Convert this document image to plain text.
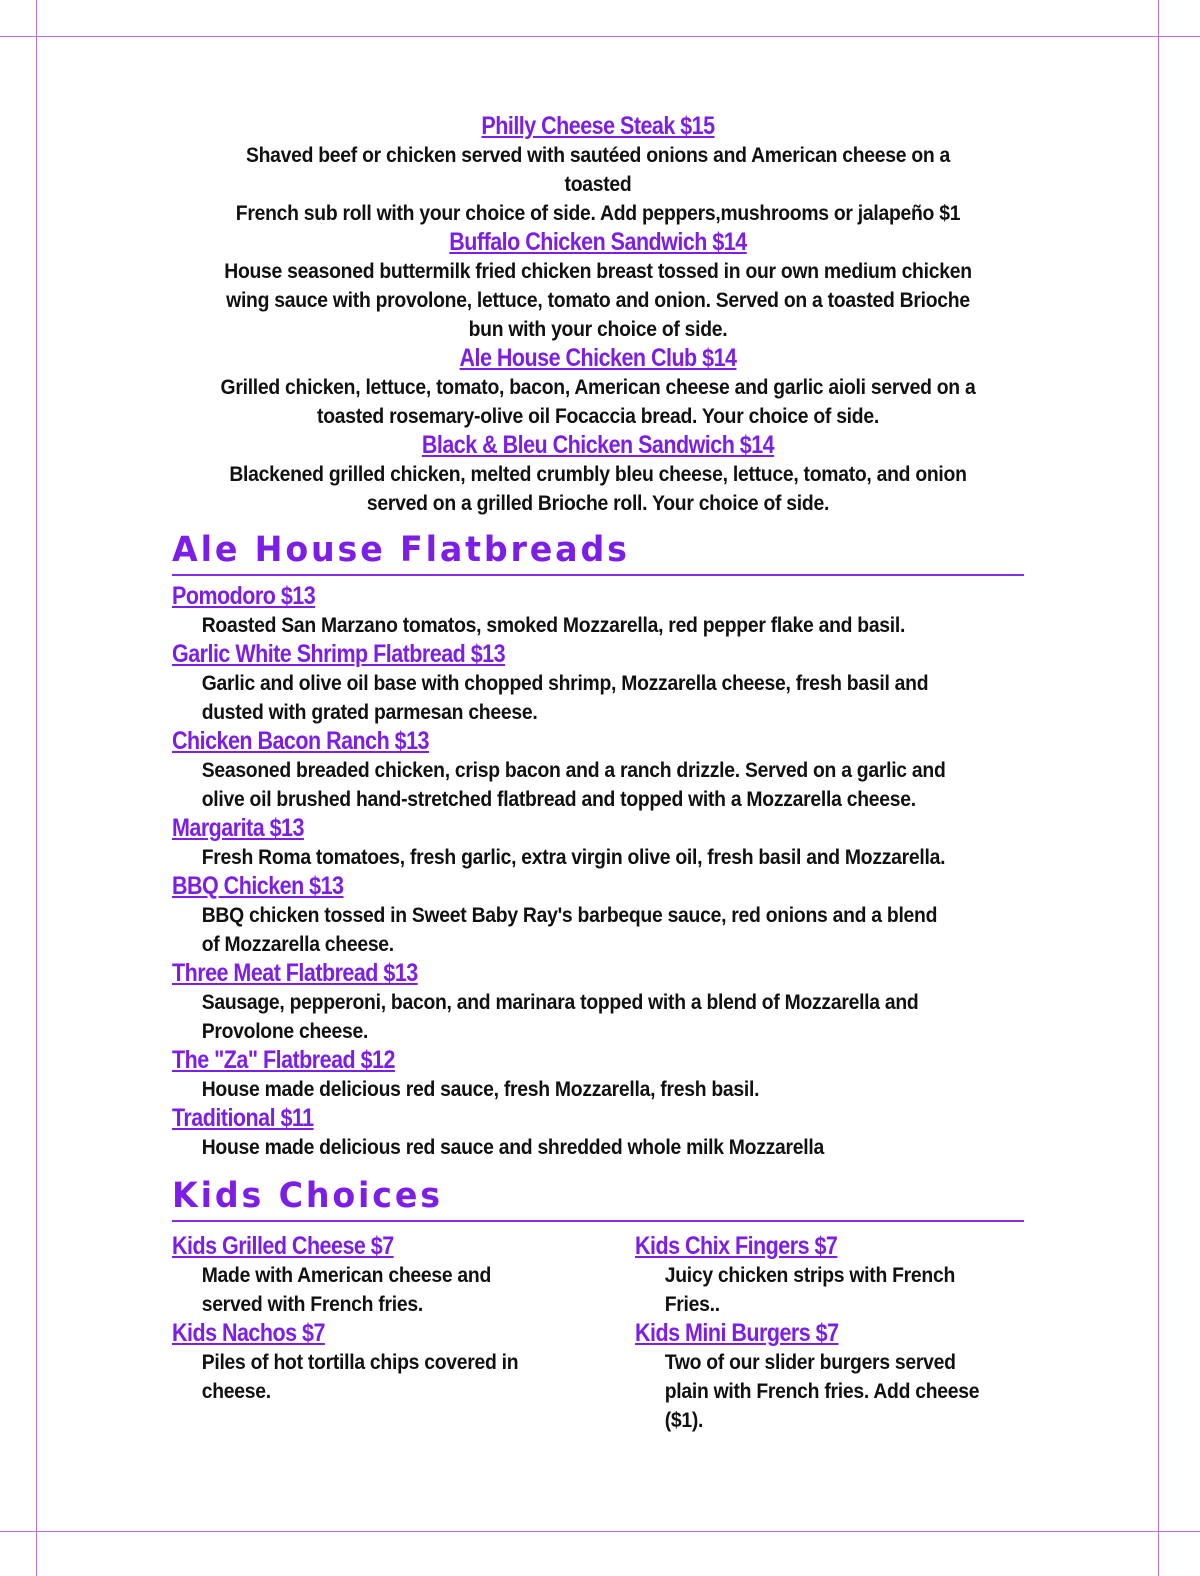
Philly Cheese Steak $15
Shaved beef or chicken served with sautéed onions and American cheese on a toasted
French sub roll with your choice of side. Add peppers,mushrooms or jalapeño $1
Buffalo Chicken Sandwich $14
House seasoned buttermilk fried chicken breast tossed in our own medium chicken
wing sauce with provolone, lettuce, tomato and onion. Served on a toasted Brioche
bun with your choice of side.
Ale House Chicken Club $14
Grilled chicken, lettuce, tomato, bacon, American cheese and garlic aioli served on a
toasted rosemary-olive oil Focaccia bread. Your choice of side.
Black & Bleu Chicken Sandwich $14
Blackened grilled chicken, melted crumbly bleu cheese, lettuce, tomato, and onion
served on a grilled Brioche roll. Your choice of side.
Ale House Flatbreads
Pomodoro $13
Roasted San Marzano tomatos, smoked Mozzarella, red pepper flake and basil.
Garlic White Shrimp Flatbread $13
Garlic and olive oil base with chopped shrimp, Mozzarella cheese, fresh basil and
dusted with grated parmesan cheese.
Chicken Bacon Ranch $13
Seasoned breaded chicken, crisp bacon and a ranch drizzle. Served on a garlic and
olive oil brushed hand-stretched flatbread and topped with a Mozzarella cheese.
Margarita $13
Fresh Roma tomatoes, fresh garlic, extra virgin olive oil, fresh basil and Mozzarella.
BBQ Chicken $13
BBQ chicken tossed in Sweet Baby Ray's barbeque sauce, red onions and a blend
of Mozzarella cheese.
Three Meat Flatbread $13
Sausage, pepperoni, bacon, and marinara topped with a blend of Mozzarella and
Provolone cheese.
The "Za" Flatbread $12
House made delicious red sauce, fresh Mozzarella, fresh basil.
Traditional $11
House made delicious red sauce and shredded whole milk Mozzarella
Kids Choices
Kids Grilled Cheese $7
Made with American cheese and
served with French fries.
Kids Nachos $7
Piles of hot tortilla chips covered in
cheese.
Kids Chix Fingers $7
Juicy chicken strips with French
Fries..
Kids Mini Burgers $7
Two of our slider burgers served
plain with French fries. Add cheese
($1).
